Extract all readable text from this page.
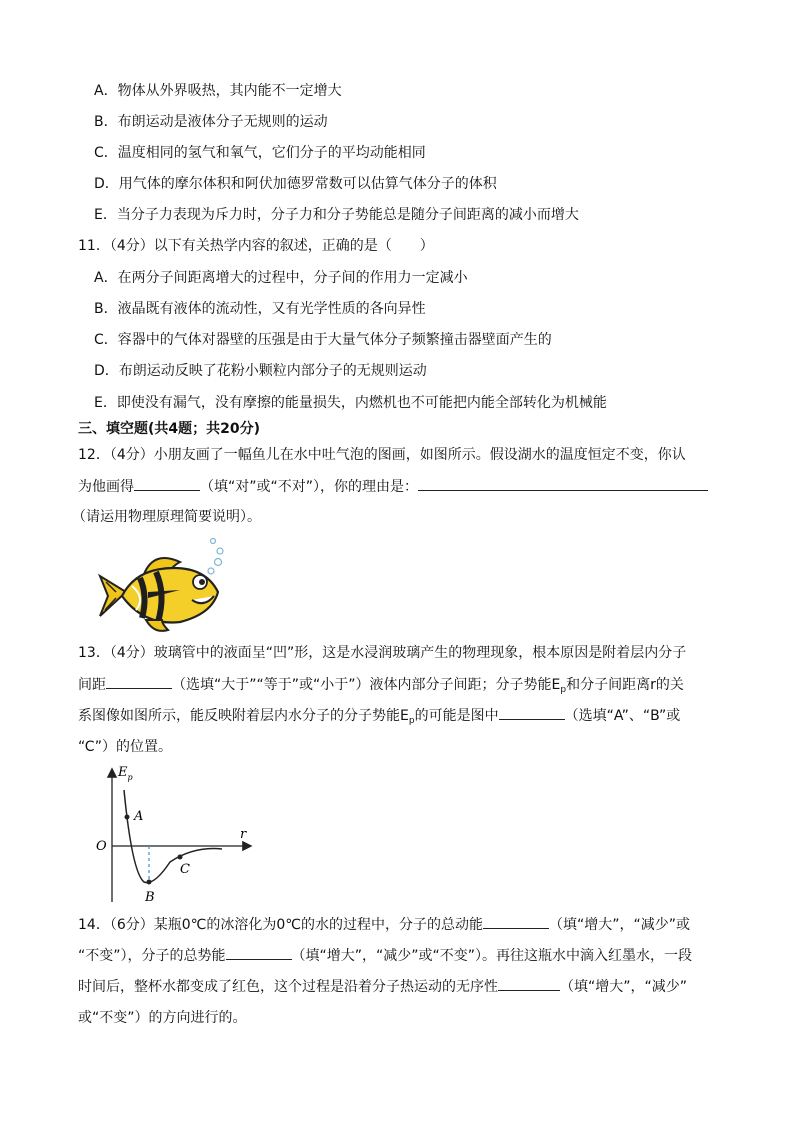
A．物体从外界吸热，其内能不一定增大
B．布朗运动是液体分子无规则的运动
C．温度相同的氢气和氧气，它们分子的平均动能相同
D．用气体的摩尔体积和阿伏加德罗常数可以估算气体分子的体积
E．当分子力表现为斥力时，分子力和分子势能总是随分子间距离的减小而增大
11．（4分）以下有关热学内容的叙述，正确的是（　　）
A．在两分子间距离增大的过程中，分子间的作用力一定减小
B．液晶既有液体的流动性，又有光学性质的各向异性
C．容器中的气体对器壁的压强是由于大量气体分子频繁撞击器壁面产生的
D．布朗运动反映了花粉小颗粒内部分子的无规则运动
E．即使没有漏气，没有摩擦的能量损失，内燃机也不可能把内能全部转化为机械能
三、填空题(共4题；共20分)
12．（4分）小朋友画了一幅鱼儿在水中吐气泡的图画，如图所示。假设湖水的温度恒定不变，你认
为他画得	（填“对”或“不对”），你的理由是：
（请运用物理原理简要说明）。
13．（4分）玻璃管中的液面呈“凹”形，这是水浸润玻璃产生的物理现象，根本原因是附着层内分子
间距	（选填“大于”“等于”或“小于”）液体内部分子间距；分子势能$E_p$和分子间距离r的关
系图像如图所示，能反映附着层内水分子的分子势能$E_p$的可能是图中	（选填“A”、“B”或
“C”）的位置。
$E_p$
r
O
A
B
C
14．（6分）某瓶0℃的冰溶化为0℃的水的过程中，分子的总动能	（填“增大”，“减少”或
“不变”），分子的总势能	（填“增大”，“减少”或“不变”）。再往这瓶水中滴入红墨水，一段
时间后，整杯水都变成了红色，这个过程是沿着分子热运动的无序性	（填“增大”，“减少”
或“不变”）的方向进行的。
